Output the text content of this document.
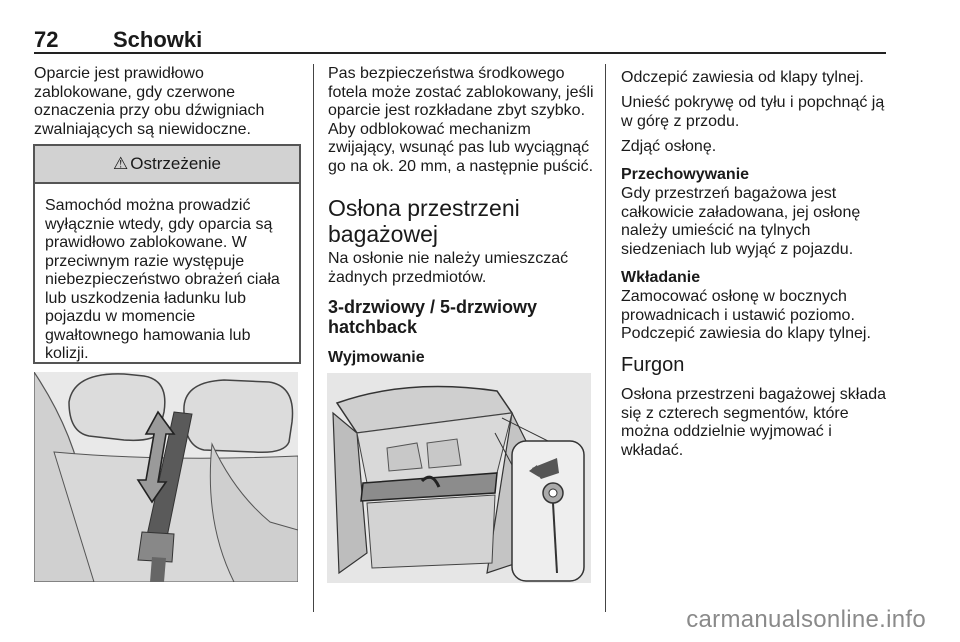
72 Schowki
Oparcie jest prawidłowo zablokowane, gdy czerwone oznaczenia przy obu dźwigniach zwalniających są niewidoczne.
⚠ Ostrzeżenie
Samochód można prowadzić wyłącznie wtedy, gdy oparcia są prawidłowo zablokowane. W przeciwnym razie występuje niebezpieczeństwo obrażeń ciała lub uszkodzenia ładunku lub pojazdu w momencie gwałtownego hamowania lub kolizji.
Pas bezpieczeństwa środkowego fotela może zostać zablokowany, jeśli oparcie jest rozkładane zbyt szybko. Aby odblokować mechanizm zwijający, wsunąć pas lub wyciągnąć go na ok. 20 mm, a następnie puścić.
Osłona przestrzeni bagażowej
Na osłonie nie należy umieszczać żadnych przedmiotów.
3-drzwiowy / 5-drzwiowy hatchback
Wyjmowanie
Odczepić zawiesia od klapy tylnej.
Unieść pokrywę od tyłu i popchnąć ją w górę z przodu.
Zdjąć osłonę.
Przechowywanie
Gdy przestrzeń bagażowa jest całkowicie załadowana, jej osłonę należy umieścić na tylnych siedzeniach lub wyjąć z pojazdu.
Wkładanie
Zamocować osłonę w bocznych prowadnicach i ustawić poziomo. Podczepić zawiesia do klapy tylnej.
Furgon
Osłona przestrzeni bagażowej składa się z czterech segmentów, które można oddzielnie wyjmować i wkładać.
carmanualsonline.info
